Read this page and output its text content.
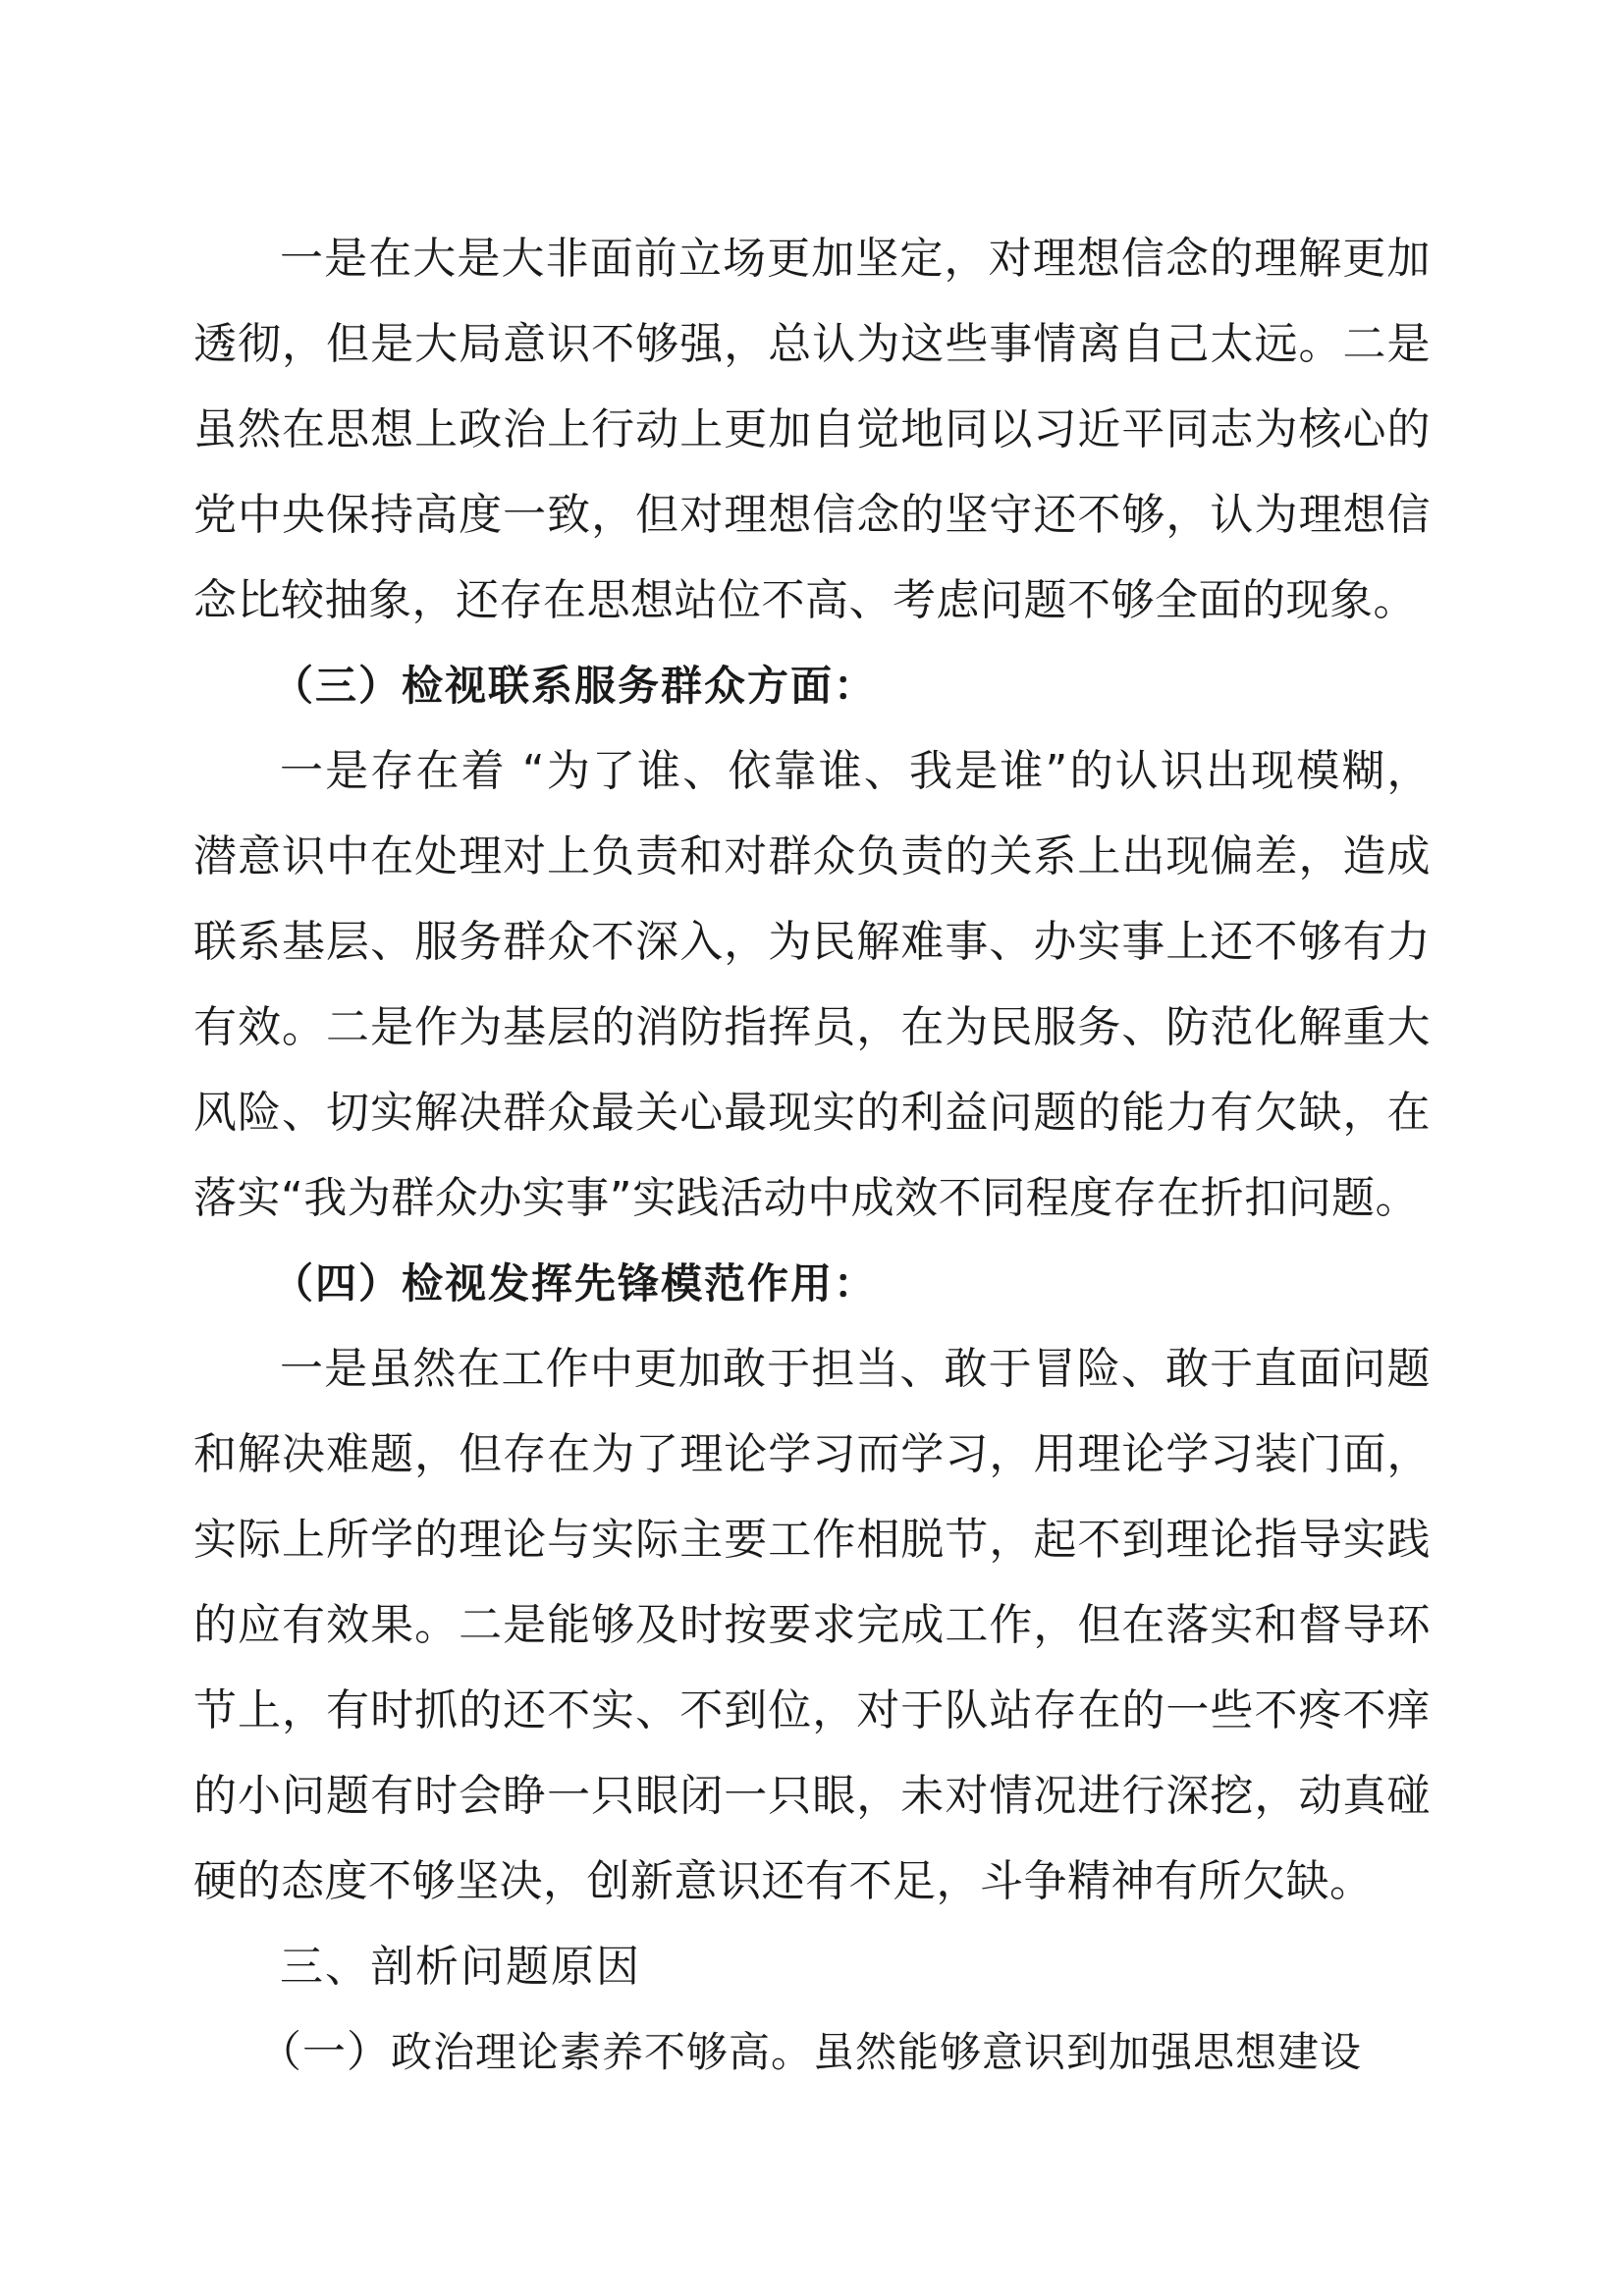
一是在大是大非面前立场更加坚定，对理想信念的理解更加透彻，但是大局意识不够强，总认为这些事情离自己太远。二是虽然在思想上政治上行动上更加自觉地同以习近平同志为核心的党中央保持高度一致，但对理想信念的坚守还不够，认为理想信念比较抽象，还存在思想站位不高、考虑问题不够全面的现象。

（三）检视联系服务群众方面：

一是存在着 “为了谁、依靠谁、我是谁”的认识出现模糊，潜意识中在处理对上负责和对群众负责的关系上出现偏差，造成联系基层、服务群众不深入，为民解难事、办实事上还不够有力有效。二是作为基层的消防指挥员，在为民服务、防范化解重大风险、切实解决群众最关心最现实的利益问题的能力有欠缺，在落实“我为群众办实事”实践活动中成效不同程度存在折扣问题。

（四）检视发挥先锋模范作用：

一是虽然在工作中更加敢于担当、敢于冒险、敢于直面问题和解决难题，但存在为了理论学习而学习，用理论学习装门面，实际上所学的理论与实际主要工作相脱节，起不到理论指导实践的应有效果。二是能够及时按要求完成工作，但在落实和督导环节上，有时抓的还不实、不到位，对于队站存在的一些不疼不痒的小问题有时会睁一只眼闭一只眼，未对情况进行深挖，动真碰硬的态度不够坚决，创新意识还有不足，斗争精神有所欠缺。

三、剖析问题原因

（一）政治理论素养不够高。虽然能够意识到加强思想建设
